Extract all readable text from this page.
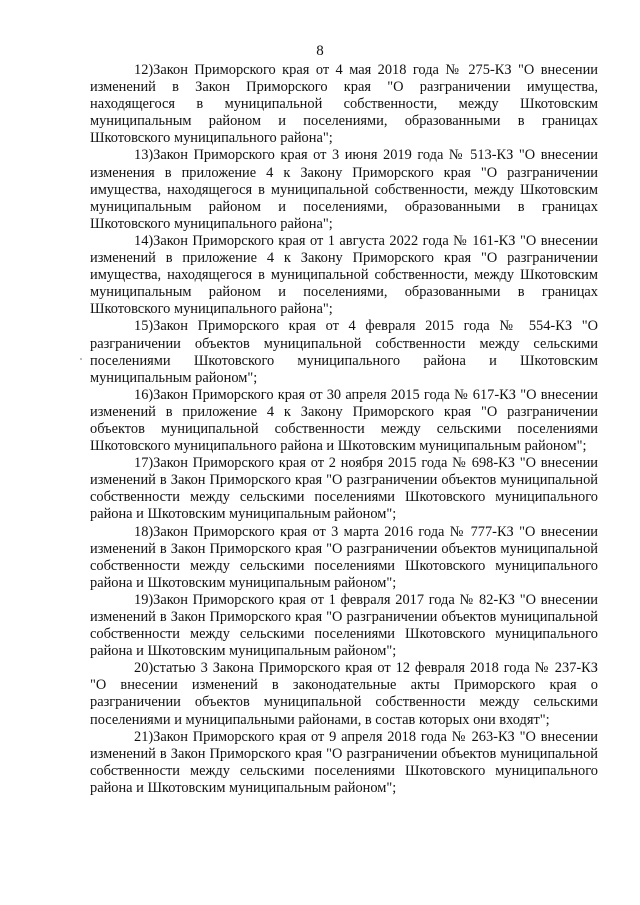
8

12)Закон Приморского края от 4 мая 2018 года № 275-КЗ "О внесении изменений в Закон Приморского края "О разграничении имущества, находящегося в муниципальной собственности, между Шкотовским муниципальным районом и поселениями, образованными в границах Шкотовского муниципального района";

13)Закон Приморского края от 3 июня 2019 года № 513-КЗ "О внесении изменения в приложение 4 к Закону Приморского края "О разграничении имущества, находящегося в муниципальной собственности, между Шкотовским муниципальным районом и поселениями, образованными в границах Шкотовского муниципального района";

14)Закон Приморского края от 1 августа 2022 года № 161-КЗ "О внесении изменений в приложение 4 к Закону Приморского края "О разграничении имущества, находящегося в муниципальной собственности, между Шкотовским муниципальным районом и поселениями, образованными в границах Шкотовского муниципального района";

15)Закон Приморского края от 4 февраля 2015 года № 554-КЗ "О разграничении объектов муниципальной собственности между сельскими поселениями Шкотовского муниципального района и Шкотовским муниципальным районом";

16)Закон Приморского края от 30 апреля 2015 года № 617-КЗ "О внесении изменений в приложение 4 к Закону Приморского края "О разграничении объектов муниципальной собственности между сельскими поселениями Шкотовского муниципального района и Шкотовским муниципальным районом";

17)Закон Приморского края от 2 ноября 2015 года № 698-КЗ "О внесении изменений в Закон Приморского края "О разграничении объектов муниципальной собственности между сельскими поселениями Шкотовского муниципального района и Шкотовским муниципальным районом";

18)Закон Приморского края от 3 марта 2016 года № 777-КЗ "О внесении изменений в Закон Приморского края "О разграничении объектов муниципальной собственности между сельскими поселениями Шкотовского муниципального района и Шкотовским муниципальным районом";

19)Закон Приморского края от 1 февраля 2017 года № 82-КЗ "О внесении изменений в Закон Приморского края "О разграничении объектов муниципальной собственности между сельскими поселениями Шкотовского муниципального района и Шкотовским муниципальным районом";

20)статью 3 Закона Приморского края от 12 февраля 2018 года № 237-КЗ "О внесении изменений в законодательные акты Приморского края о разграничении объектов муниципальной собственности между сельскими поселениями и муниципальными районами, в состав которых они входят";

21)Закон Приморского края от 9 апреля 2018 года № 263-КЗ "О внесении изменений в Закон Приморского края "О разграничении объектов муниципальной собственности между сельскими поселениями Шкотовского муниципального района и Шкотовским муниципальным районом";
